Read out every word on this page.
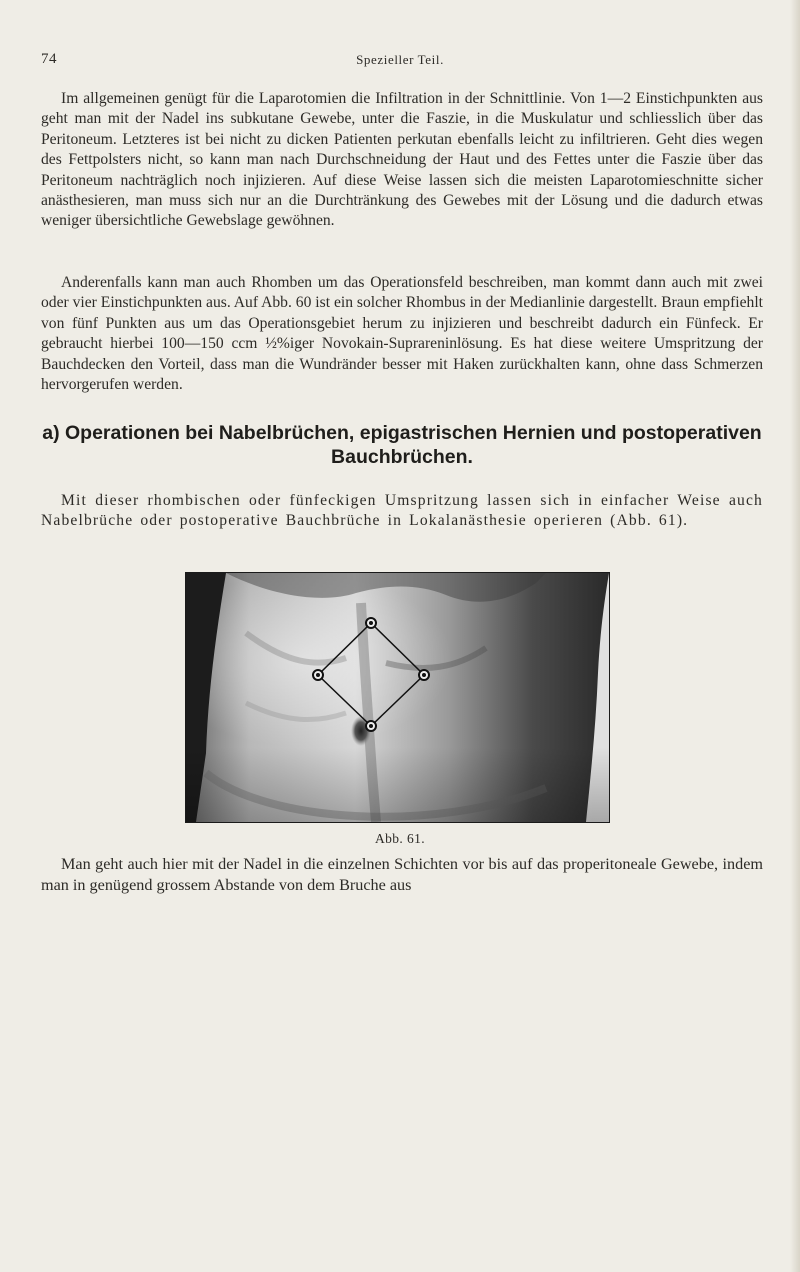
74	Spezieller Teil.

Im allgemeinen genügt für die Laparotomien die Infiltration in der Schnittlinie. Von 1—2 Einstichpunkten aus geht man mit der Nadel ins subkutane Gewebe, unter die Faszie, in die Muskulatur und schliesslich über das Peritoneum. Letzteres ist bei nicht zu dicken Patienten perkutan ebenfalls leicht zu infiltrieren. Geht dies wegen des Fettpolsters nicht, so kann man nach Durchschneidung der Haut und des Fettes unter die Faszie über das Peritoneum nachträglich noch injizieren. Auf diese Weise lassen sich die meisten Laparotomieschnitte sicher anästhesieren, man muss sich nur an die Durchtränkung des Gewebes mit der Lösung und die dadurch etwas weniger übersichtliche Gewebslage gewöhnen.

Anderenfalls kann man auch Rhomben um das Operationsfeld beschreiben, man kommt dann auch mit zwei oder vier Einstichpunkten aus. Auf Abb. 60 ist ein solcher Rhombus in der Medianlinie dargestellt. Braun empfiehlt von fünf Punkten aus um das Operationsgebiet herum zu injizieren und beschreibt dadurch ein Fünfeck. Er gebraucht hierbei 100—150 ccm ½%iger Novokain-Suprareninlösung. Es hat diese weitere Umspritzung der Bauchdecken den Vorteil, dass man die Wundränder besser mit Haken zurückhalten kann, ohne dass Schmerzen hervorgerufen werden.

a) Operationen bei Nabelbrüchen, epigastrischen Hernien und postoperativen Bauchbrüchen.

Mit dieser rhombischen oder fünfeckigen Umspritzung lassen sich in einfacher Weise auch Nabelbrüche oder postoperative Bauchbrüche in Lokalanästhesie operieren (Abb. 61).

Abb. 61.

Man geht auch hier mit der Nadel in die einzelnen Schichten vor bis auf das properitoneale Gewebe, indem man in genügend grossem Abstande von dem Bruche aus
